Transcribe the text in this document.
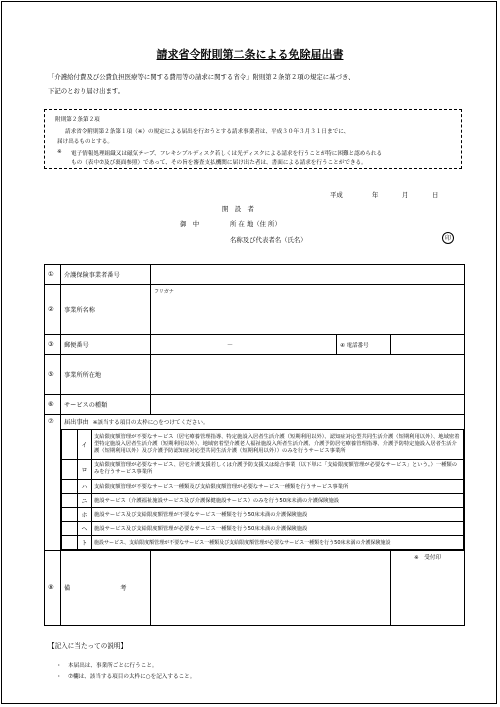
請求省令附則第二条による免除届出書
「介護給付費及び公費負担医療等に関する費用等の請求に関する省令」附則第２条第２項の規定に基づき、
下記のとおり届け出ます。
附則第２条第２項
請求省令附則第２条第１項（※）の規定による届出を行おうとする請求事業者は、平成３０年３月３１日までに、
届け出るものとする。
※ 電子情報処理組織又は磁気テープ、フレキシブルディスク若しくは光ディスクによる請求を行うことが特に困難と認められる
もの（表中⑦及び裏面参照）であって、その旨を審査支払機関に届け出た者は、書面による請求を行うことができる。
平成	年	月	日
開　設　者
御　中	所 在 地（住 所）
名称及び代表者名（氏名）	印
①	介護保険事業者番号	
②	事業所名称	フリガナ
③	郵便番号	－	④ 電話番号	
⑤	事業所所在地	
⑥	サービスの種類	
⑦	届出事由 ※該当する項目の太枠に○をつけてください。

	イ	支給限度額管理が不要なサービス（居宅療養管理指導、特定施設入居者生活介護（短期利用以外）、認知症対応型共同生活介護（短期利用以外）、地域密着型特定施設入居者生活介護（短期利用以外）、地域密着型介護老人福祉施設入所者生活介護、介護予防居宅療養管理指導、介護予防特定施設入居者生活介護（短期利用以外）及び介護予防認知症対応型共同生活介護（短期利用以外））のみを行うサービス事業所
	ロ	支給限度額管理が必要なサービス、居宅介護支援若しくは介護予防支援又は総合事業（以下単に「支給限度額管理が必要なサービス」という。）一種類のみを行うサービス事業所
	ハ	支給限度額管理が不要なサービス一種類及び支給限度額管理が必要なサービス一種類を行うサービス事業所
	ニ	施設サービス（介護福祉施設サービス及び介護保健施設サービス）のみを行う50床未満の介護保険施設
	ホ	施設サービス及び支給限度額管理が不要なサービス一種類を行う50床未満の介護保険施設
	ヘ	施設サービス及び支給限度額管理が必要なサービス一種類を行う50床未満の介護保険施設
	ト	施設サービス、支給限度額管理が不要なサービス一種類及び支給限度額管理が必要なサービス一種類を行う50床未満の介護保険施設

⑧	備	考		※　受付印
【記入に当たっての説明】
・ 本届出は、事業所ごとに行うこと。
・ ⑦欄は、該当する項目の太枠に○を記入すること。
